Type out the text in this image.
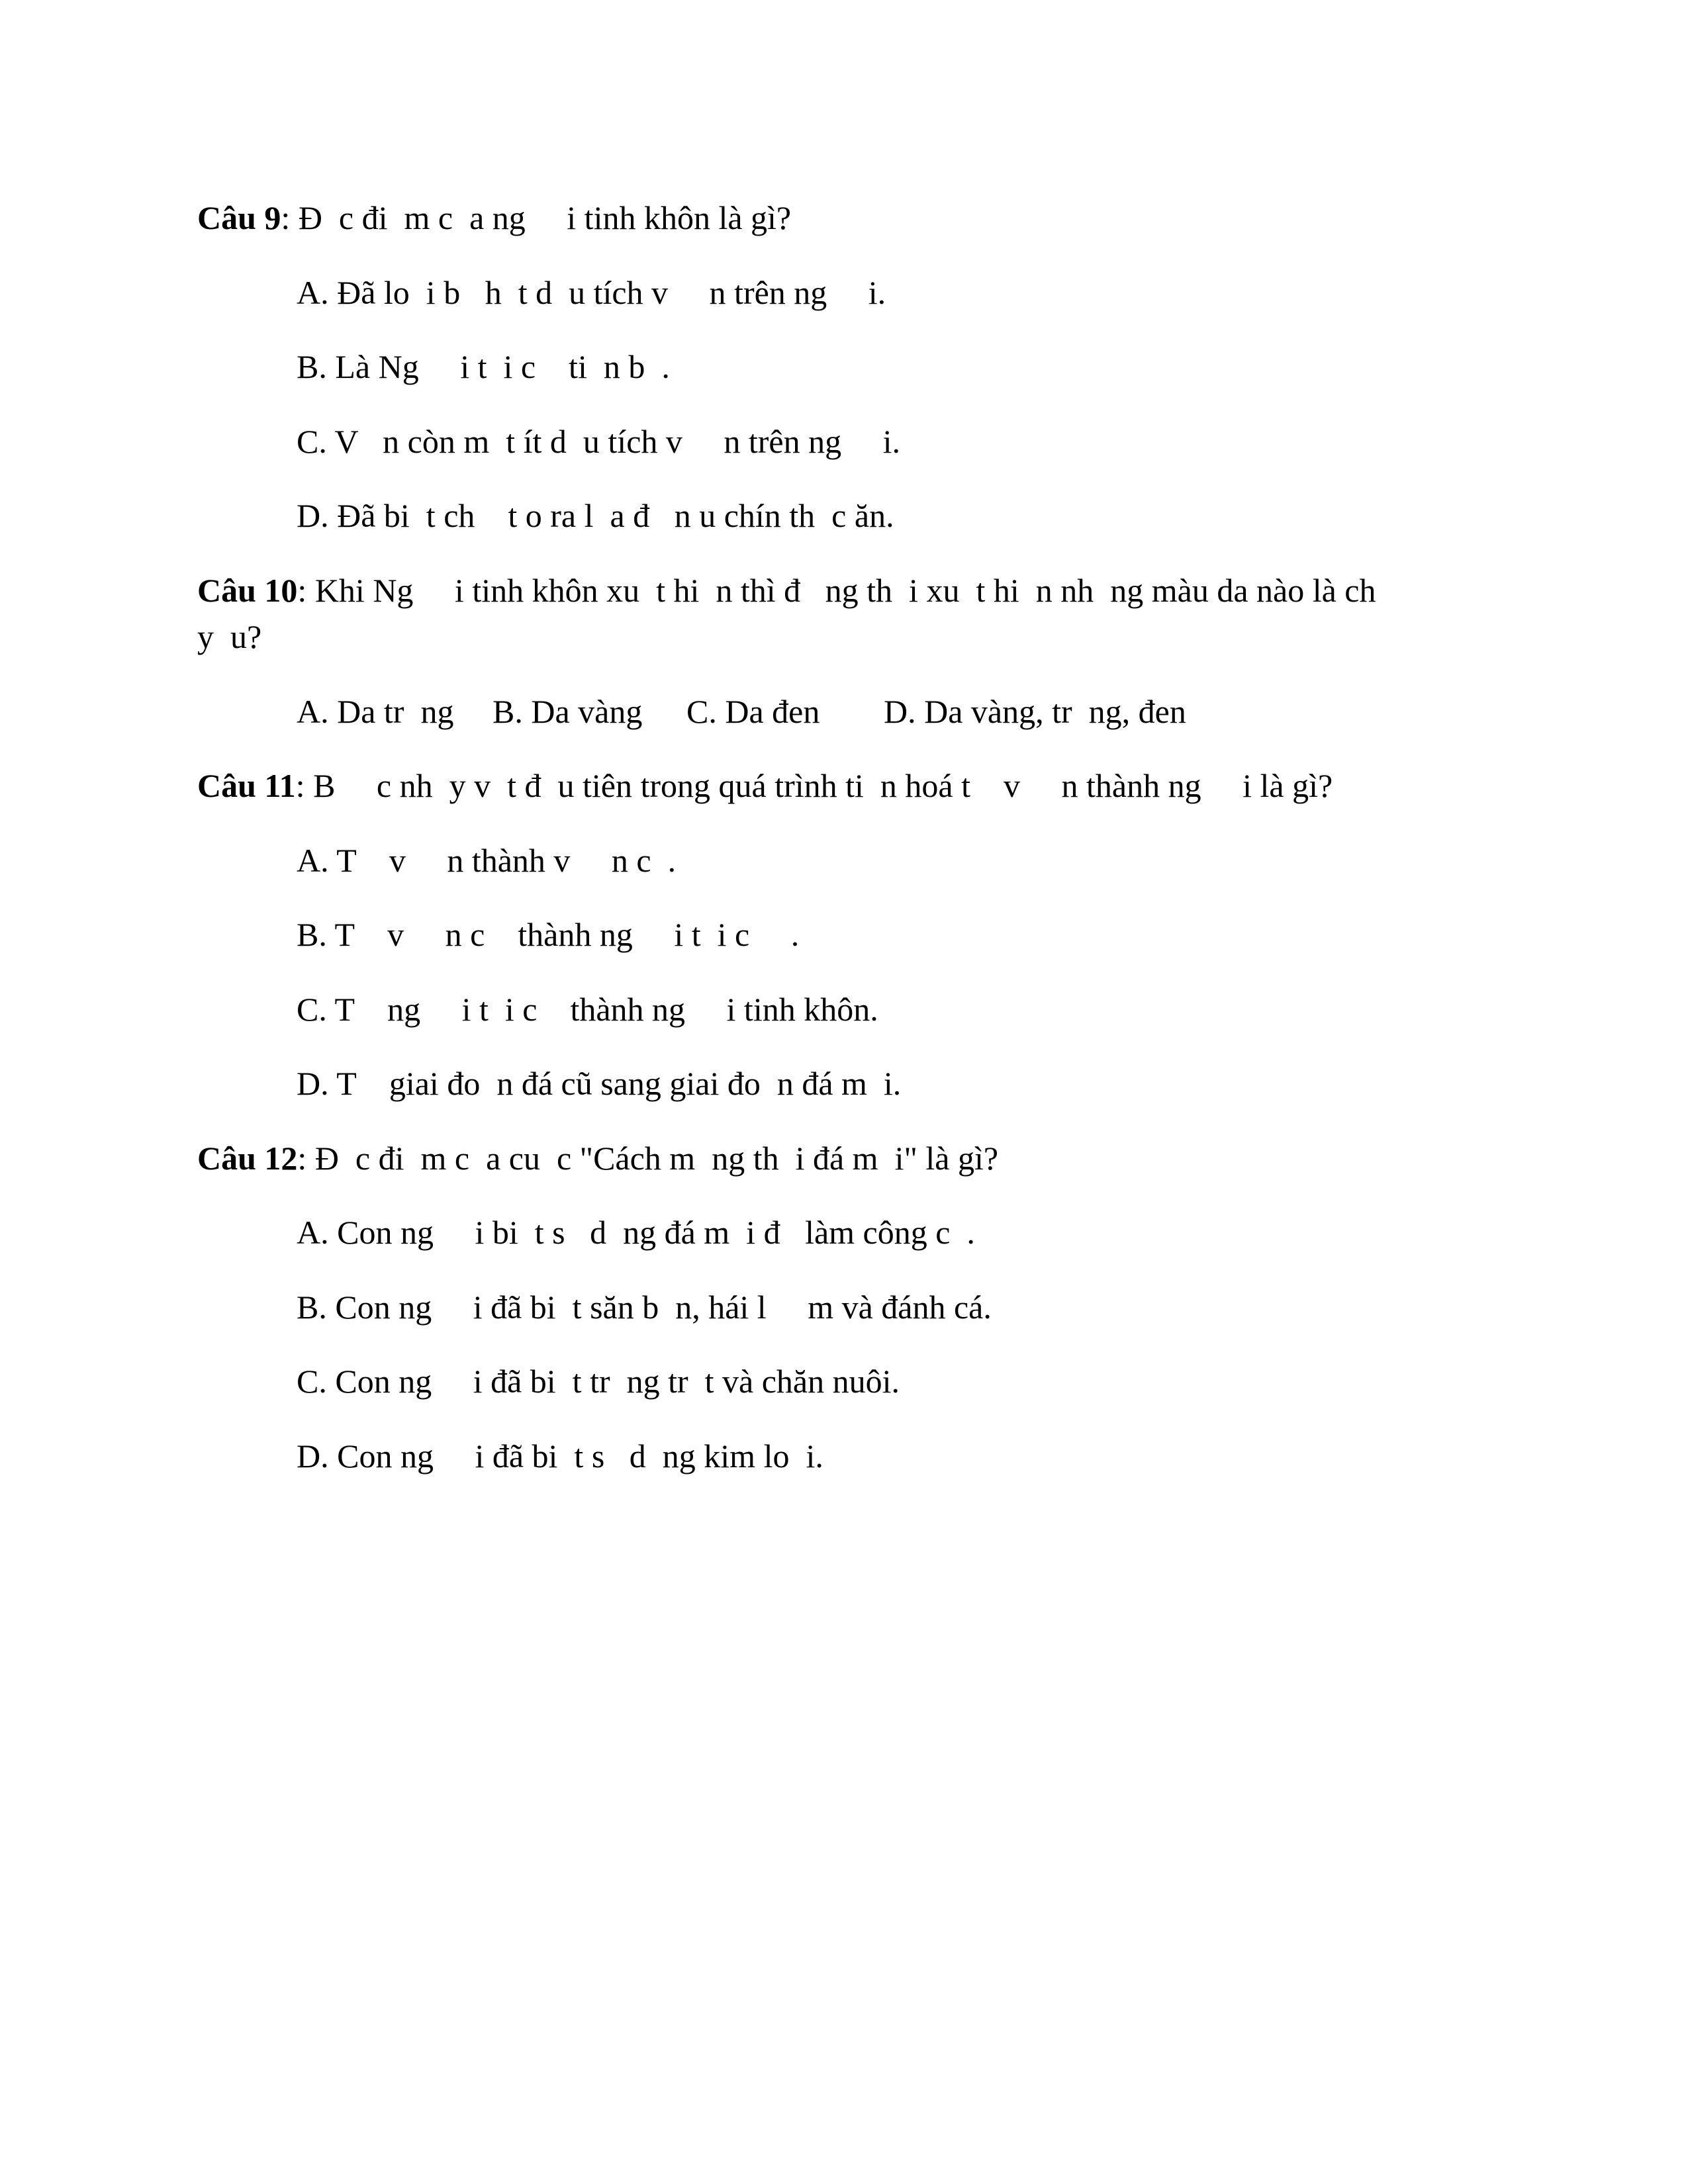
Câu 9: Đ  c đi  m c  a ng     i tinh khôn là gì?
A. Đã lo  i b   h  t d  u tích v     n trên ng     i.
B. Là Ng     i t  i c    ti  n b  .
C. V   n còn m  t ít d  u tích v     n trên ng     i.
D. Đã bi  t ch    t o ra l  a đ   n u chín th  c ăn.
Câu 10: Khi Ng     i tinh khôn xu  t hi  n thì đ   ng th  i xu  t hi  n nh  ng màu da nào là ch
y  u?
A. Da tr  ng B. Da vàng C. Da đen D. Da vàng, tr  ng, đen
Câu 11: B     c nh  y v  t đ  u tiên trong quá trình ti  n hoá t    v     n thành ng     i là gì?
A. T    v     n thành v     n c  .
B. T    v     n c    thành ng     i t  i c     .
C. T    ng     i t  i c    thành ng     i tinh khôn.
D. T    giai đo  n đá cũ sang giai đo  n đá m  i.
Câu 12: Đ  c đi  m c  a cu  c "Cách m  ng th  i đá m  i" là gì?
A. Con ng     i bi  t s   d  ng đá m  i đ   làm công c  .
B. Con ng     i đã bi  t săn b  n, hái l     m và đánh cá.
C. Con ng     i đã bi  t tr  ng tr  t và chăn nuôi.
D. Con ng     i đã bi  t s   d  ng kim lo  i.
